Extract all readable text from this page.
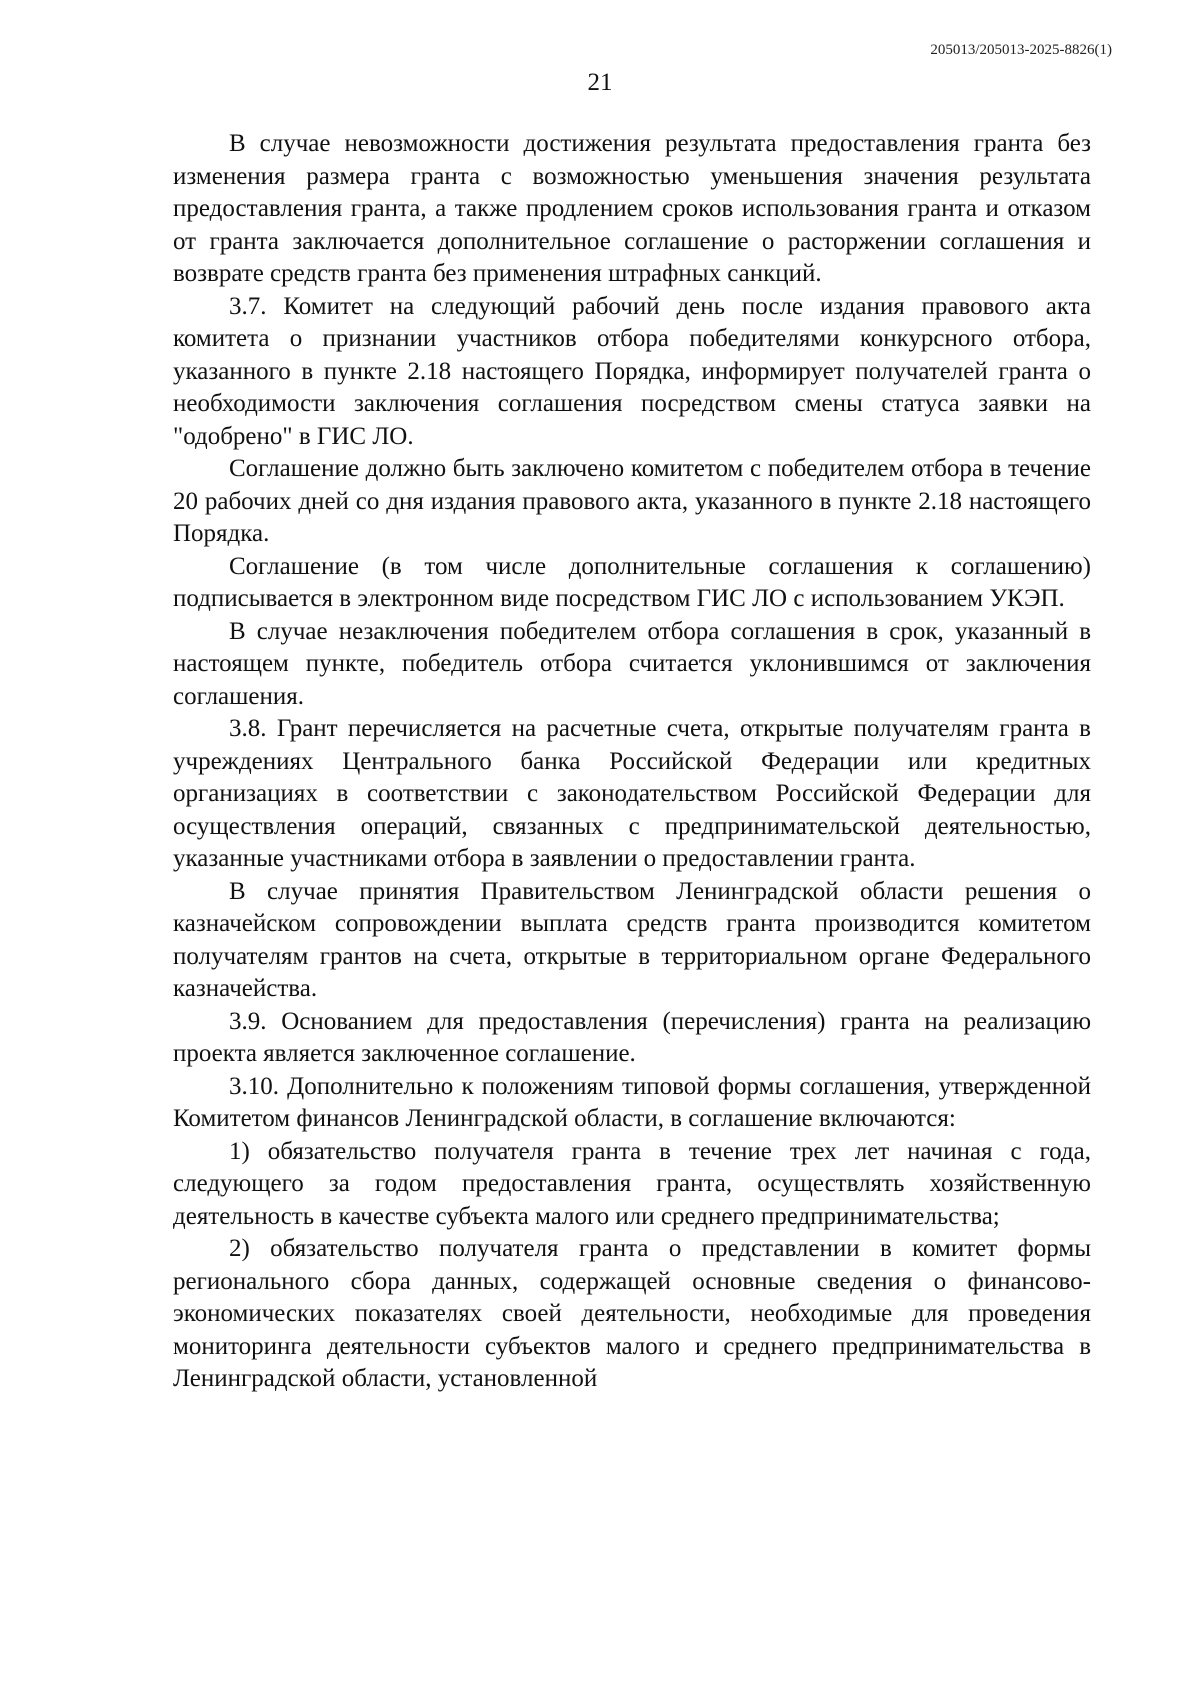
205013/205013-2025-8826(1)
21

В случае невозможности достижения результата предоставления гранта без изменения размера гранта с возможностью уменьшения значения результата предоставления гранта, а также продлением сроков использования гранта и отказом от гранта заключается дополнительное соглашение о расторжении соглашения и возврате средств гранта без применения штрафных санкций.

3.7. Комитет на следующий рабочий день после издания правового акта комитета о признании участников отбора победителями конкурсного отбора, указанного в пункте 2.18 настоящего Порядка, информирует получателей гранта о необходимости заключения соглашения посредством смены статуса заявки на "одобрено" в ГИС ЛО.

Соглашение должно быть заключено комитетом с победителем отбора в течение 20 рабочих дней со дня издания правового акта, указанного в пункте 2.18 настоящего Порядка.

Соглашение (в том числе дополнительные соглашения к соглашению) подписывается в электронном виде посредством ГИС ЛО с использованием УКЭП.

В случае незаключения победителем отбора соглашения в срок, указанный в настоящем пункте, победитель отбора считается уклонившимся от заключения соглашения.

3.8. Грант перечисляется на расчетные счета, открытые получателям гранта в учреждениях Центрального банка Российской Федерации или кредитных организациях в соответствии с законодательством Российской Федерации для осуществления операций, связанных с предпринимательской деятельностью, указанные участниками отбора в заявлении о предоставлении гранта.

В случае принятия Правительством Ленинградской области решения о казначейском сопровождении выплата средств гранта производится комитетом получателям грантов на счета, открытые в территориальном органе Федерального казначейства.

3.9. Основанием для предоставления (перечисления) гранта на реализацию проекта является заключенное соглашение.

3.10. Дополнительно к положениям типовой формы соглашения, утвержденной Комитетом финансов Ленинградской области, в соглашение включаются:

1) обязательство получателя гранта в течение трех лет начиная с года, следующего за годом предоставления гранта, осуществлять хозяйственную деятельность в качестве субъекта малого или среднего предпринимательства;

2) обязательство получателя гранта о представлении в комитет формы регионального сбора данных, содержащей основные сведения о финансово-экономических показателях своей деятельности, необходимые для проведения мониторинга деятельности субъектов малого и среднего предпринимательства в Ленинградской области, установленной
